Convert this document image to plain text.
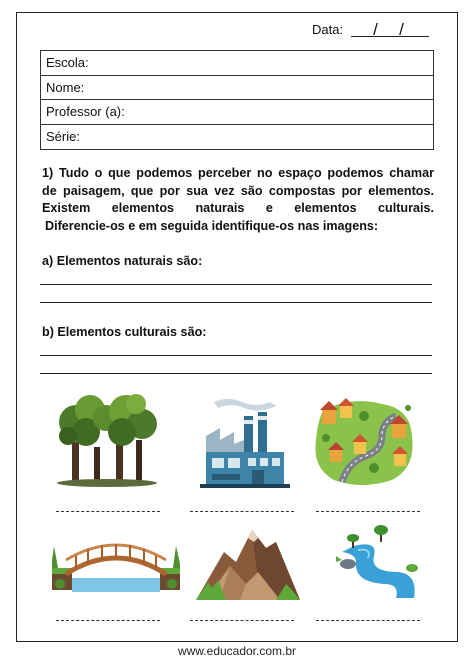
Data: / /
Escola:
Nome:
Professor (a):
Série:
1) Tudo o que podemos perceber no espaço podemos chamar
de paisagem, que por sua vez são compostas por elementos.
Existem elementos naturais e elementos culturais.
Diferencie-os e em seguida identifique-os nas imagens:
a) Elementos naturais são:
b) Elementos culturais são:
www.educador.com.br
